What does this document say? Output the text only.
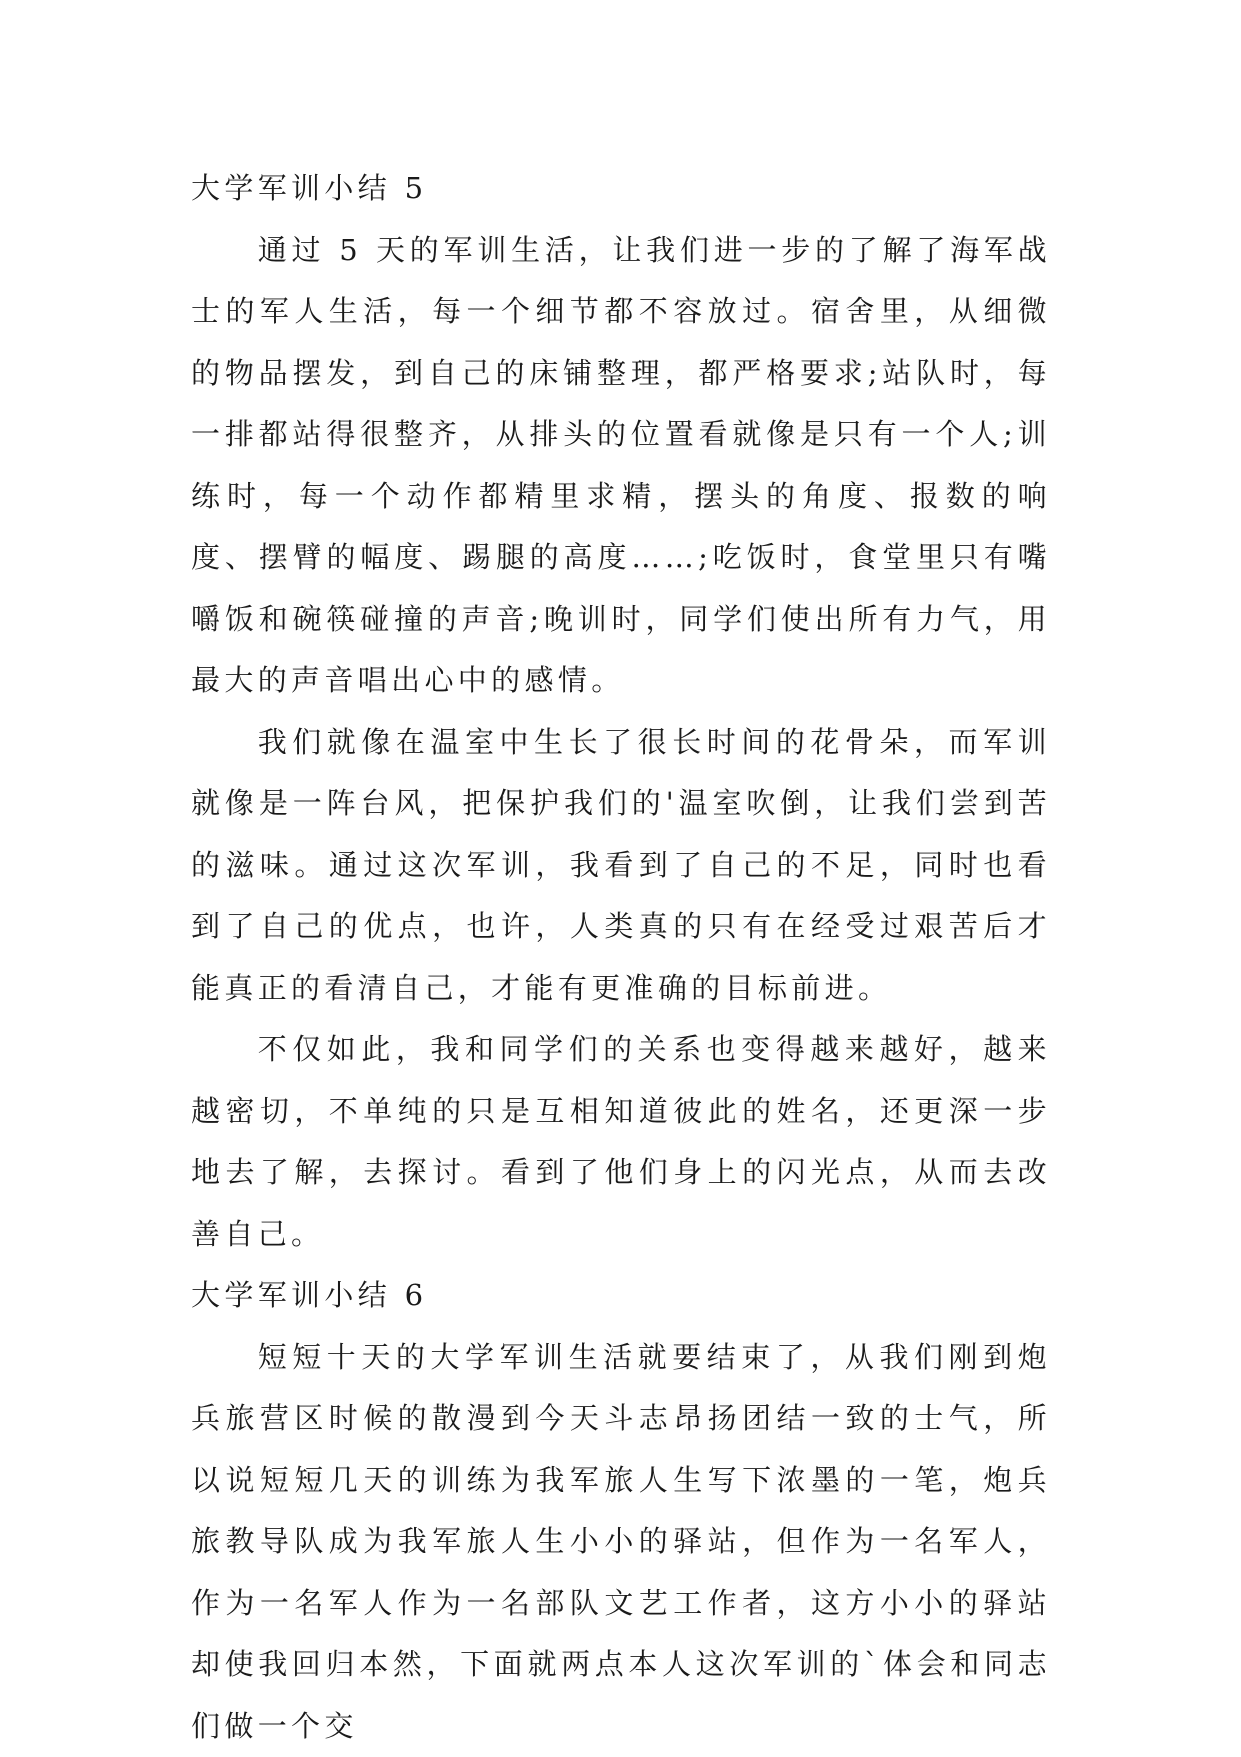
大学军训小结 5

通过 5 天的军训生活，让我们进一步的了解了海军战士的军人生活，每一个细节都不容放过。宿舍里，从细微的物品摆发，到自己的床铺整理，都严格要求;站队时，每一排都站得很整齐，从排头的位置看就像是只有一个人;训练时，每一个动作都精里求精，摆头的角度、报数的响度、摆臂的幅度、踢腿的高度……;吃饭时，食堂里只有嘴嚼饭和碗筷碰撞的声音;晚训时，同学们使出所有力气，用最大的声音唱出心中的感情。

我们就像在温室中生长了很长时间的花骨朵，而军训就像是一阵台风，把保护我们的'温室吹倒，让我们尝到苦的滋味。通过这次军训，我看到了自己的不足，同时也看到了自己的优点，也许，人类真的只有在经受过艰苦后才能真正的看清自己，才能有更准确的目标前进。

不仅如此，我和同学们的关系也变得越来越好，越来越密切，不单纯的只是互相知道彼此的姓名，还更深一步地去了解，去探讨。看到了他们身上的闪光点，从而去改善自己。

大学军训小结 6

短短十天的大学军训生活就要结束了，从我们刚到炮兵旅营区时候的散漫到今天斗志昂扬团结一致的士气，所以说短短几天的训练为我军旅人生写下浓墨的一笔，炮兵旅教导队成为我军旅人生小小的驿站，但作为一名军人，作为一名军人作为一名部队文艺工作者，这方小小的驿站却使我回归本然，下面就两点本人这次军训的`体会和同志们做一个交
